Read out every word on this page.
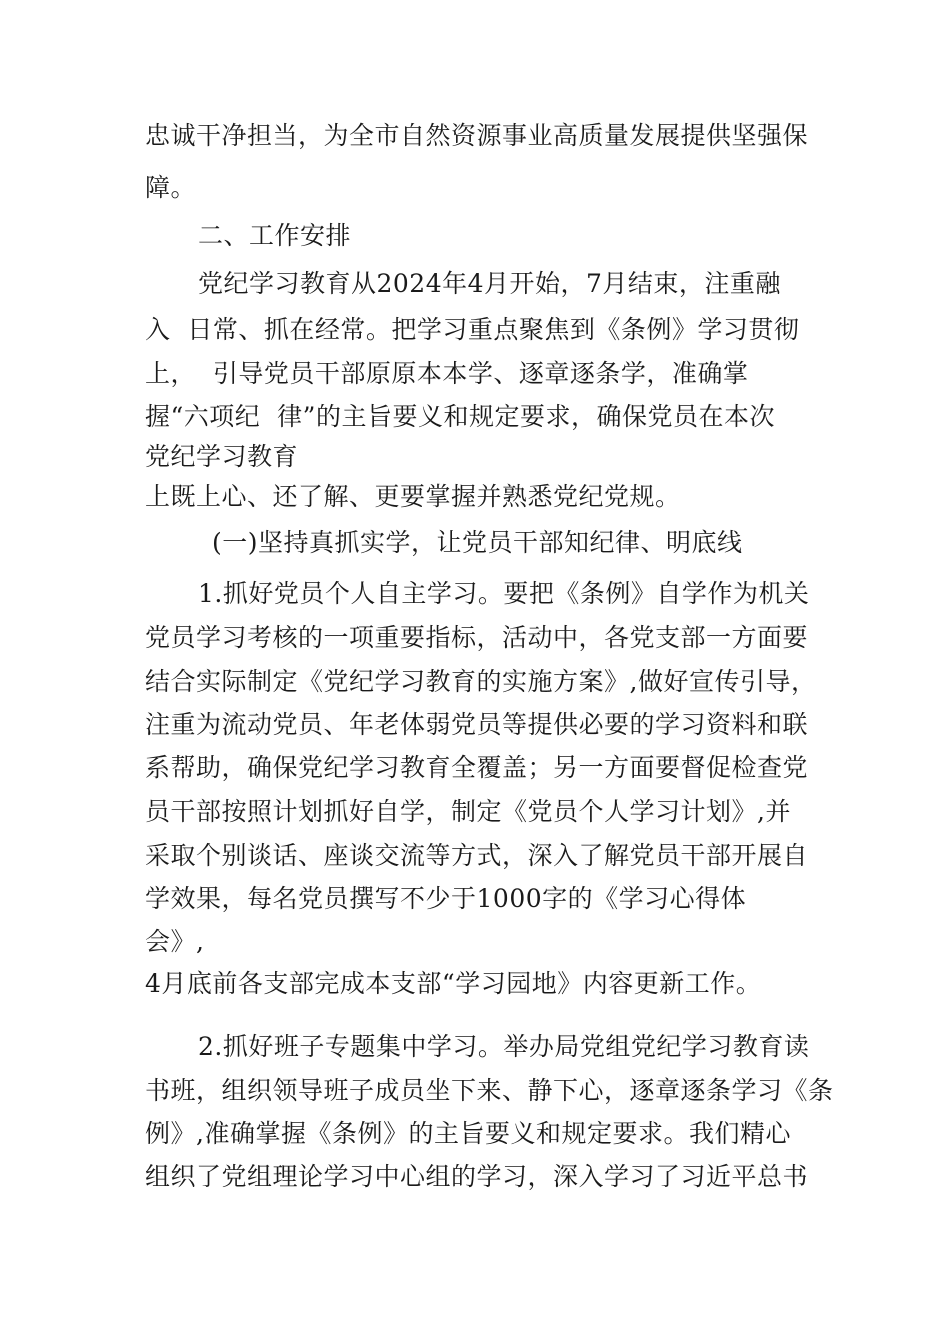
忠诚干净担当，为全市自然资源事业高质量发展提供坚强保
障。
二、工作安排
党纪学习教育从2024年4月开始，7月结束，注重融
入  日常、抓在经常。把学习重点聚焦到《条例》学习贯彻
上，  引导党员干部原原本本学、逐章逐条学，准确掌
握“六项纪  律”的主旨要义和规定要求，确保党员在本次
党纪学习教育
上既上心、还了解、更要掌握并熟悉党纪党规。
(一)坚持真抓实学，让党员干部知纪律、明底线
1.抓好党员个人自主学习。要把《条例》自学作为机关
党员学习考核的一项重要指标，活动中，各党支部一方面要
结合实际制定《党纪学习教育的实施方案》,做好宣传引导，
注重为流动党员、年老体弱党员等提供必要的学习资料和联
系帮助，确保党纪学习教育全覆盖；另一方面要督促检查党
员干部按照计划抓好自学，制定《党员个人学习计划》,并
采取个别谈话、座谈交流等方式，深入了解党员干部开展自
学效果，每名党员撰写不少于1000字的《学习心得体
会》,
4月底前各支部完成本支部“学习园地》内容更新工作。
2.抓好班子专题集中学习。举办局党组党纪学习教育读
书班，组织领导班子成员坐下来、静下心，逐章逐条学习《条
例》,准确掌握《条例》的主旨要义和规定要求。我们精心
组织了党组理论学习中心组的学习，深入学习了习近平总书
